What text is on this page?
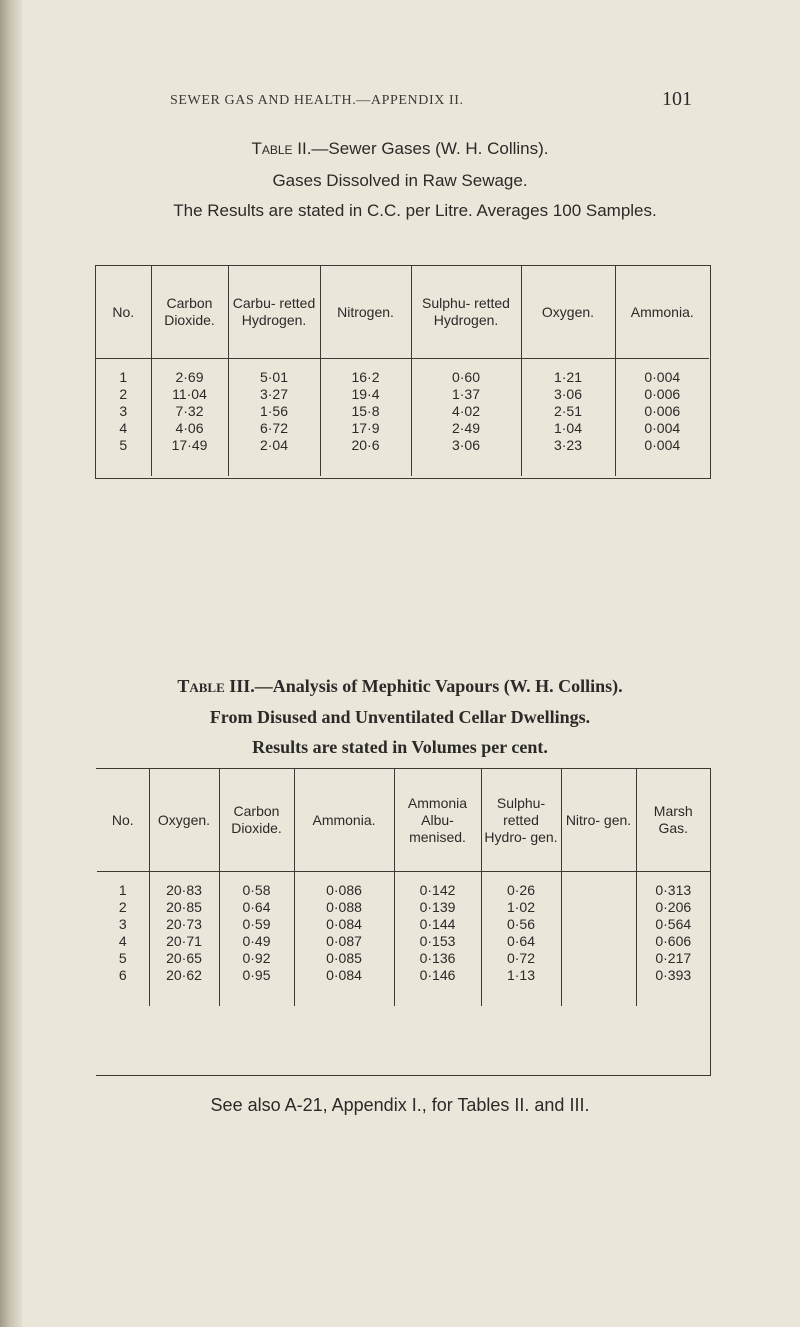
SEWER GAS AND HEALTH.—APPENDIX II.	101
Table II.—Sewer Gases (W. H. Collins).
Gases Dissolved in Raw Sewage.
The Results are stated in C.C. per Litre. Averages 100 Samples.
No.	Carbon Dioxide.	Carbu- retted Hydrogen.	Nitrogen.	Sulphu- retted Hydrogen.	Oxygen.	Ammonia.
1	2·69	5·01	16·2	0·60	1·21	0·004
2	11·04	3·27	19·4	1·37	3·06	0·006
3	7·32	1·56	15·8	4·02	2·51	0·006
4	4·06	6·72	17·9	2·49	1·04	0·004
5	17·49	2·04	20·6	3·06	3·23	0·004
Table III.—Analysis of Mephitic Vapours (W. H. Collins).
From Disused and Unventilated Cellar Dwellings.
Results are stated in Volumes per cent.
No.	Oxygen.	Carbon Dioxide.	Ammonia.	Ammonia Albu- menised.	Sulphu- retted Hydro- gen.	Nitro- gen.	Marsh Gas.
1	20·83	0·58	0·086	0·142	0·26		0·313
2	20·85	0·64	0·088	0·139	1·02		0·206
3	20·73	0·59	0·084	0·144	0·56		0·564
4	20·71	0·49	0·087	0·153	0·64		0·606
5	20·65	0·92	0·085	0·136	0·72		0·217
6	20·62	0·95	0·084	0·146	1·13		0·393
See also A-21, Appendix I., for Tables II. and III.
